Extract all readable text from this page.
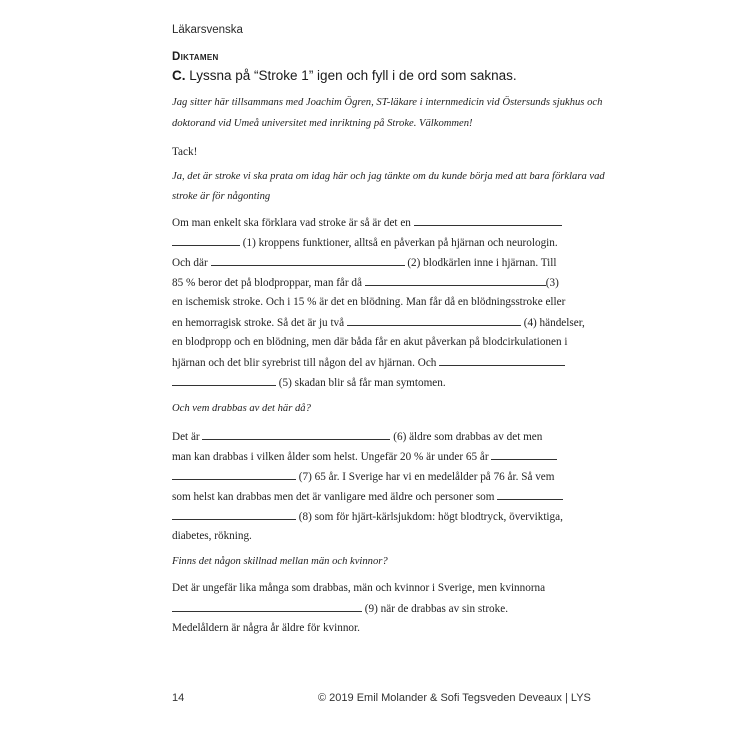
Läkarsvenska
Diktamen
C. Lyssna på “Stroke 1” igen och fyll i de ord som saknas.
Jag sitter här tillsammans med Joachim Ögren, ST-läkare i internmedicin vid Östersunds sjukhus och
doktorand vid Umeå universitet med inriktning på Stroke. Välkommen!
Tack!
Ja, det är stroke vi ska prata om idag här och jag tänkte om du kunde börja med att bara förklara vad
stroke är för någonting
Om man enkelt ska förklara vad stroke är så är det en
(1) kroppens funktioner, alltså en påverkan på hjärnan och neurologin.
Och där	(2) blodkärlen inne i hjärnan. Till
85 % beror det på blodproppar, man får då	(3)
en ischemisk stroke. Och i 15 % är det en blödning. Man får då en blödningsstroke eller
en hemorragisk stroke. Så det är ju två	(4) händelser,
en blodpropp och en blödning, men där båda får en akut påverkan på blodcirkulationen i
hjärnan och det blir syrebrist till någon del av hjärnan. Och
(5) skadan blir så får man symtomen.
Och vem drabbas av det här då?
Det är	(6) äldre som drabbas av det men
man kan drabbas i vilken ålder som helst. Ungefär 20 % är under 65 år
(7) 65 år. I Sverige har vi en medelålder på 76 år. Så vem
som helst kan drabbas men det är vanligare med äldre och personer som
(8) som för hjärt-kärlsjukdom: högt blodtryck, överviktiga,
diabetes, rökning.
Finns det någon skillnad mellan män och kvinnor?
Det är ungefär lika många som drabbas, män och kvinnor i Sverige, men kvinnorna
(9) när de drabbas av sin stroke.
Medelåldern är några år äldre för kvinnor.
14	© 2019 Emil Molander & Sofi Tegsveden Deveaux | LYS
